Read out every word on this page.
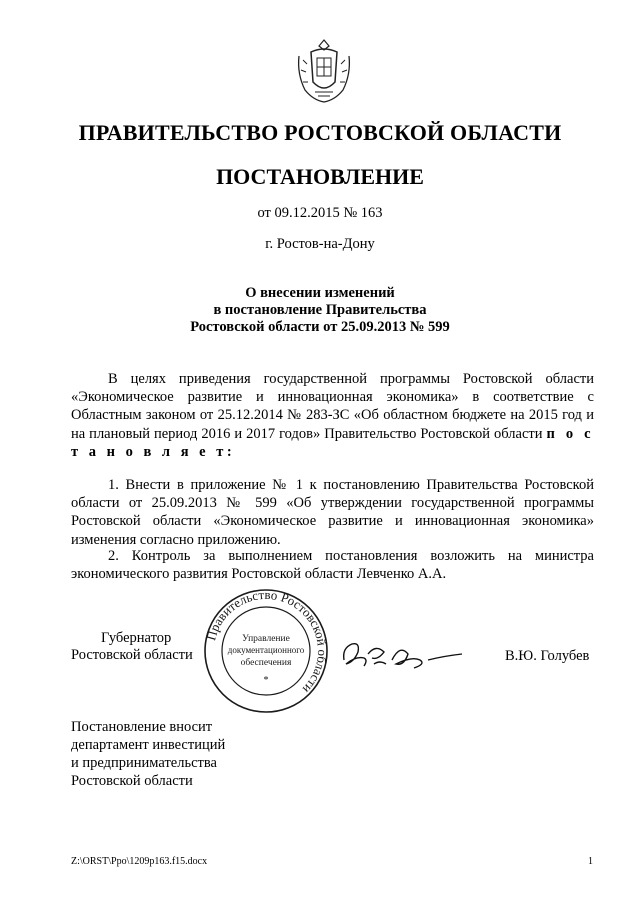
ПРАВИТЕЛЬСТВО РОСТОВСКОЙ ОБЛАСТИ
ПОСТАНОВЛЕНИЕ
от 09.12.2015 № 163
г. Ростов-на-Дону
О внесении изменений
в постановление Правительства
Ростовской области от 25.09.2013 № 599
В целях приведения государственной программы Ростовской области «Экономическое развитие и инновационная экономика» в соответствие с Областным законом от 25.12.2014 № 283-ЗС «Об областном бюджете на 2015 год и на плановый период 2016 и 2017 годов» Правительство Ростовской области п о с т а н о в л я е т:
1. Внести в приложение № 1 к постановлению Правительства Ростовской области от 25.09.2013 № 599 «Об утверждении государственной программы Ростовской области «Экономическое развитие и инновационная экономика» изменения согласно приложению.
2. Контроль за выполнением постановления возложить на министра экономического развития Ростовской области Левченко А.А.
Правительство Ростовской области
Управление
документационного
обеспечения
*
Губернатор
Ростовской области	В.Ю. Голубев
Постановление вносит
департамент инвестиций
и предпринимательства
Ростовской области
Z:\ORST\Ppo\1209p163.f15.docx	1
